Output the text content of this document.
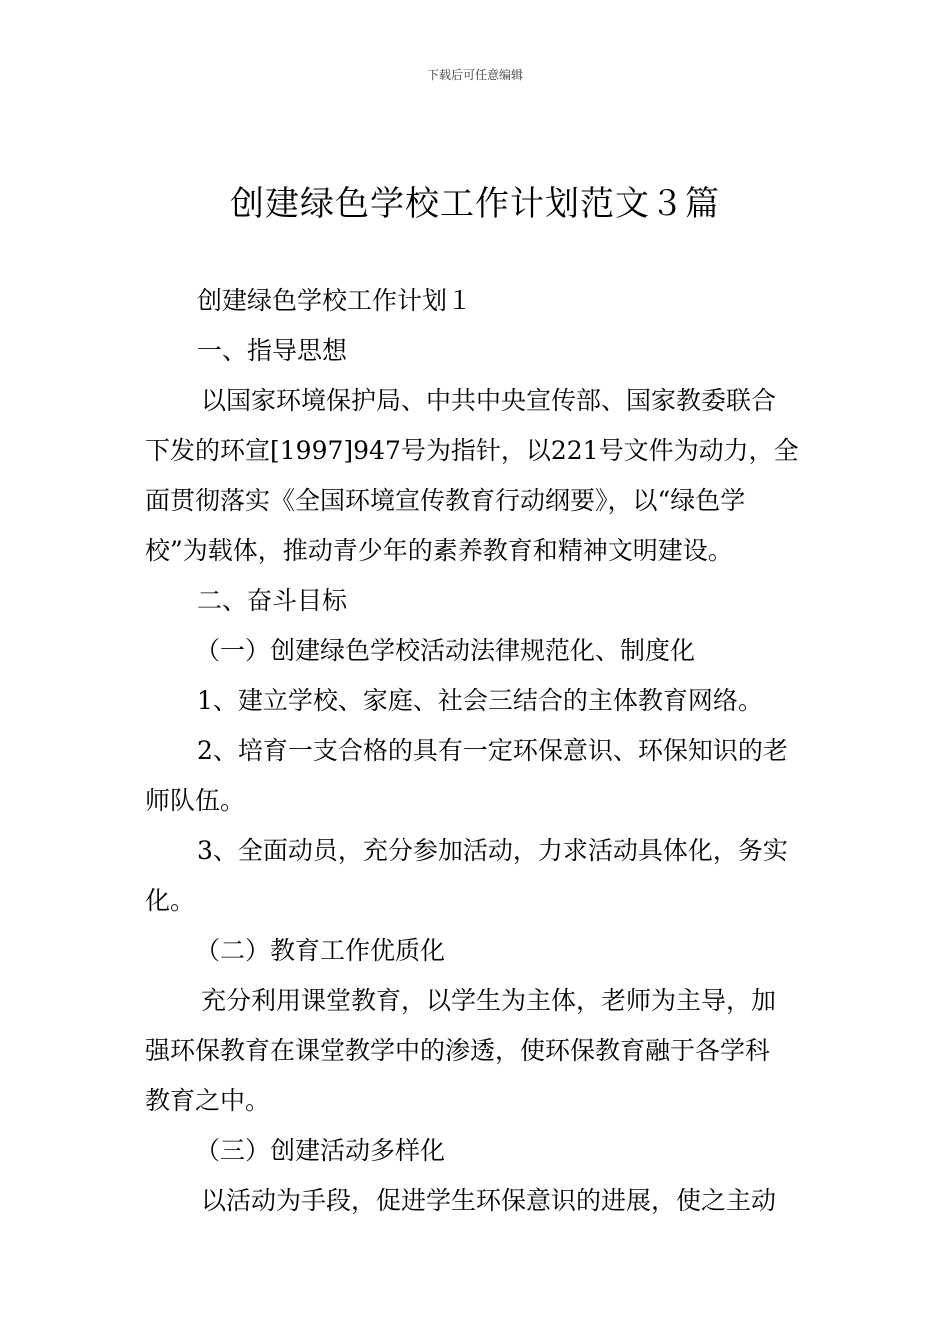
下载后可任意编辑
创建绿色学校工作计划范文３篇
创建绿色学校工作计划１
一、指导思想
以国家环境保护局、中共中央宣传部、国家教委联合
下发的环宣[1997]947号为指针，以221号文件为动力，全
面贯彻落实《全国环境宣传教育行动纲要》，以“绿色学
校”为载体，推动青少年的素养教育和精神文明建设。
二、奋斗目标
（一）创建绿色学校活动法律规范化、制度化
1、建立学校、家庭、社会三结合的主体教育网络。
2、培育一支合格的具有一定环保意识、环保知识的老
师队伍。
3、全面动员，充分参加活动，力求活动具体化，务实
化。
（二）教育工作优质化
充分利用课堂教育，以学生为主体，老师为主导，加
强环保教育在课堂教学中的渗透，使环保教育融于各学科
教育之中。
（三）创建活动多样化
以活动为手段，促进学生环保意识的进展，使之主动
